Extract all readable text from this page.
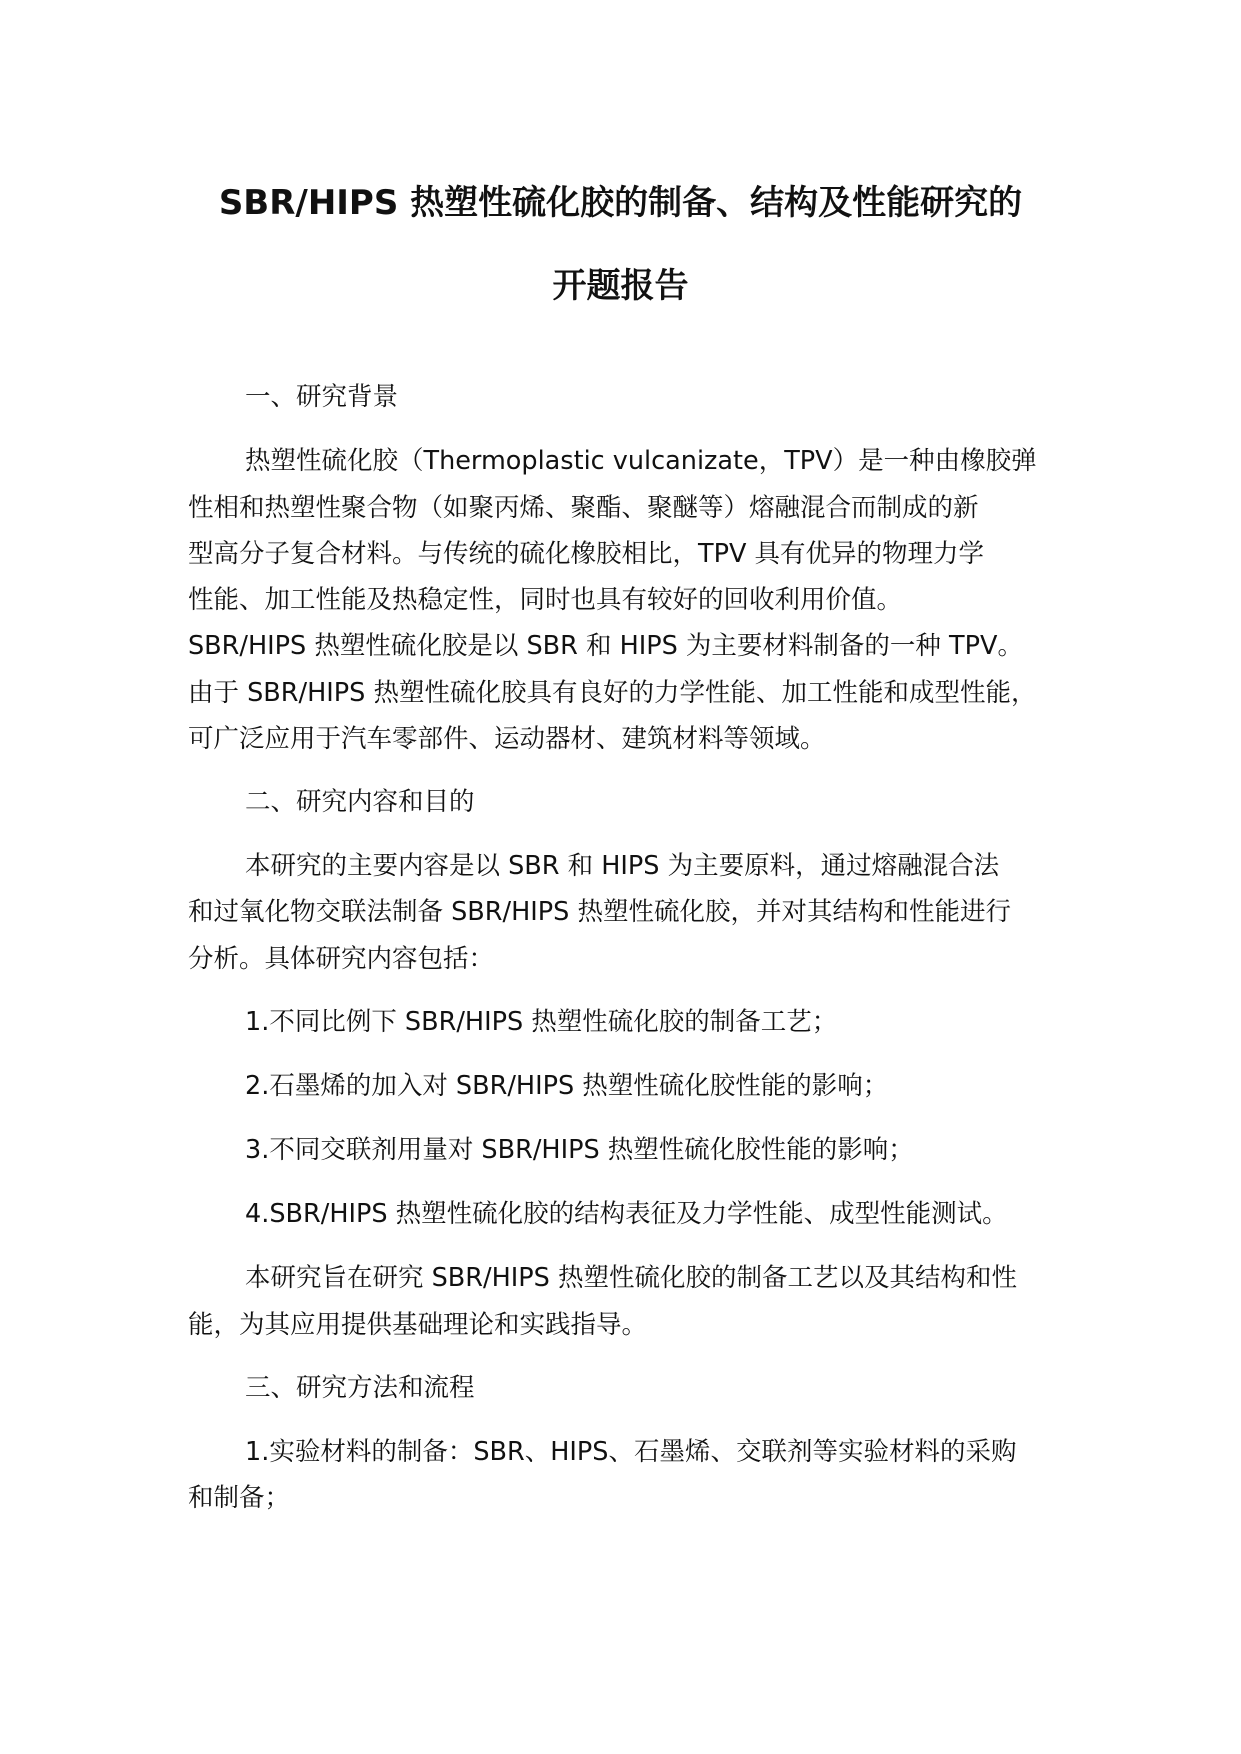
SBR/HIPS 热塑性硫化胶的制备、结构及性能研究的
开题报告

一、研究背景

热塑性硫化胶（Thermoplastic vulcanizate，TPV）是一种由橡胶弹

性相和热塑性聚合物（如聚丙烯、聚酯、聚醚等）熔融混合而制成的新

型高分子复合材料。与传统的硫化橡胶相比，TPV 具有优异的物理力学

性能、加工性能及热稳定性，同时也具有较好的回收利用价值。

SBR/HIPS 热塑性硫化胶是以 SBR 和 HIPS 为主要材料制备的一种 TPV。

由于 SBR/HIPS 热塑性硫化胶具有良好的力学性能、加工性能和成型性能，

可广泛应用于汽车零部件、运动器材、建筑材料等领域。

二、研究内容和目的

本研究的主要内容是以 SBR 和 HIPS 为主要原料，通过熔融混合法

和过氧化物交联法制备 SBR/HIPS 热塑性硫化胶，并对其结构和性能进行

分析。具体研究内容包括：

1.不同比例下 SBR/HIPS 热塑性硫化胶的制备工艺；

2.石墨烯的加入对 SBR/HIPS 热塑性硫化胶性能的影响；

3.不同交联剂用量对 SBR/HIPS 热塑性硫化胶性能的影响；

4.SBR/HIPS 热塑性硫化胶的结构表征及力学性能、成型性能测试。

本研究旨在研究 SBR/HIPS 热塑性硫化胶的制备工艺以及其结构和性

能，为其应用提供基础理论和实践指导。

三、研究方法和流程

1.实验材料的制备：SBR、HIPS、石墨烯、交联剂等实验材料的采购

和制备；
